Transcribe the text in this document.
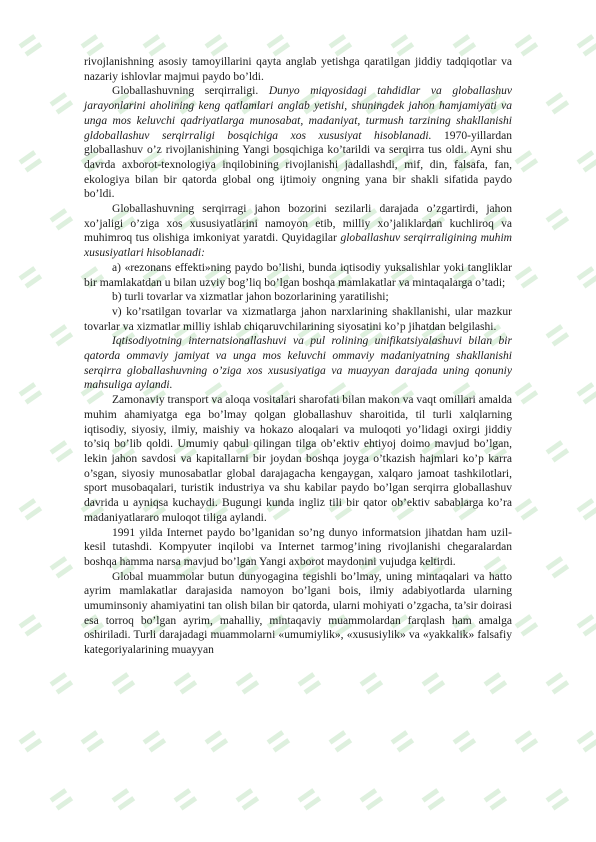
rivojlanishning asosiy tamoyillarini qayta anglab yetishga qaratilgan jiddiy tadqiqotlar va nazariy ishlovlar majmui paydo bo’ldi.

Globallashuvning serqirraligi. Dunyo miqyosidagi tahdidlar va globallashuv jarayonlarini aholining keng qatlamlari anglab yetishi, shuningdek jahon hamjamiyati va unga mos keluvchi qadriyatlarga munosabat, madaniyat, turmush tarzining shakllanishi gldoballashuv serqirraligi bosqichiga xos xususiyat hisoblanadi. 1970-yillardan globallashuv o’z rivojlanishining Yangi bosqichiga ko’tarildi va serqirra tus oldi. Ayni shu davrda axborot-texnologiya inqilobining rivojlanishi jadallashdi, mif, din, falsafa, fan, ekologiya bilan bir qatorda global ong ijtimoiy ongning yana bir shakli sifatida paydo bo’ldi.

Globallashuvning serqirragi jahon bozorini sezilarli darajada o’zgartirdi, jahon xo’jaligi o’ziga xos xususiyatlarini namoyon etib, milliy xo’jaliklardan kuchliroq va muhimroq tus olishiga imkoniyat yaratdi. Quyidagilar globallashuv serqirraligining muhim xususiyatlari hisoblanadi:

a) «rezonans effekti»ning paydo bo’lishi, bunda iqtisodiy yuksalishlar yoki tangliklar bir mamlakatdan u bilan uzviy bog’liq bo’lgan boshqa mamlakatlar va mintaqalarga o’tadi;

b) turli tovarlar va xizmatlar jahon bozorlarining yaratilishi;

v) ko’rsatilgan tovarlar va xizmatlarga jahon narxlarining shakllanishi, ular mazkur tovarlar va xizmatlar milliy ishlab chiqaruvchilarining siyosatini ko’p jihatdan belgilashi.

Iqtisodiyotning internatsionallashuvi va pul rolining unifikatsiyalashuvi bilan bir qatorda ommaviy jamiyat va unga mos keluvchi ommaviy madaniyatning shakllanishi serqirra globallashuvning o’ziga xos xususiyatiga va muayyan darajada uning qonuniy mahsuliga aylandi.

Zamonaviy transport va aloqa vositalari sharofati bilan makon va vaqt omillari amalda muhim ahamiyatga ega bo’lmay qolgan globallashuv sharoitida, til turli xalqlarning iqtisodiy, siyosiy, ilmiy, maishiy va hokazo aloqalari va muloqoti yo’lidagi oxirgi jiddiy to’siq bo’lib qoldi. Umumiy qabul qilingan tilga ob’ektiv ehtiyoj doimo mavjud bo’lgan, lekin jahon savdosi va kapitallarni bir joydan boshqa joyga o’tkazish hajmlari ko’p karra o’sgan, siyosiy munosabatlar global darajagacha kengaygan, xalqaro jamoat tashkilotlari, sport musobaqalari, turistik industriya va shu kabilar paydo bo’lgan serqirra globallashuv davrida u ayniqsa kuchaydi. Bugungi kunda ingliz tili bir qator ob’ektiv sabablarga ko’ra madaniyatlararo muloqot tiliga aylandi.

1991 yilda Internet paydo bo’lganidan so’ng dunyo informatsion jihatdan ham uzil-kesil tutashdi. Kompyuter inqilobi va Internet tarmog’ining rivojlanishi chegaralardan boshqa hamma narsa mavjud bo’lgan Yangi axborot maydonini vujudga keltirdi.

Global muammolar butun dunyogagina tegishli bo’lmay, uning mintaqalari va hatto ayrim mamlakatlar darajasida namoyon bo’lgani bois, ilmiy adabiyotlarda ularning umuminsoniy ahamiyatini tan olish bilan bir qatorda, ularni mohiyati o’zgacha, ta’sir doirasi esa torroq bo’lgan ayrim, mahalliy, mintaqaviy muammolardan farqlash ham amalga oshiriladi. Turli darajadagi muammolarni «umumiylik», «xususiylik» va «yakkalik» falsafiy kategoriyalarining muayyan
